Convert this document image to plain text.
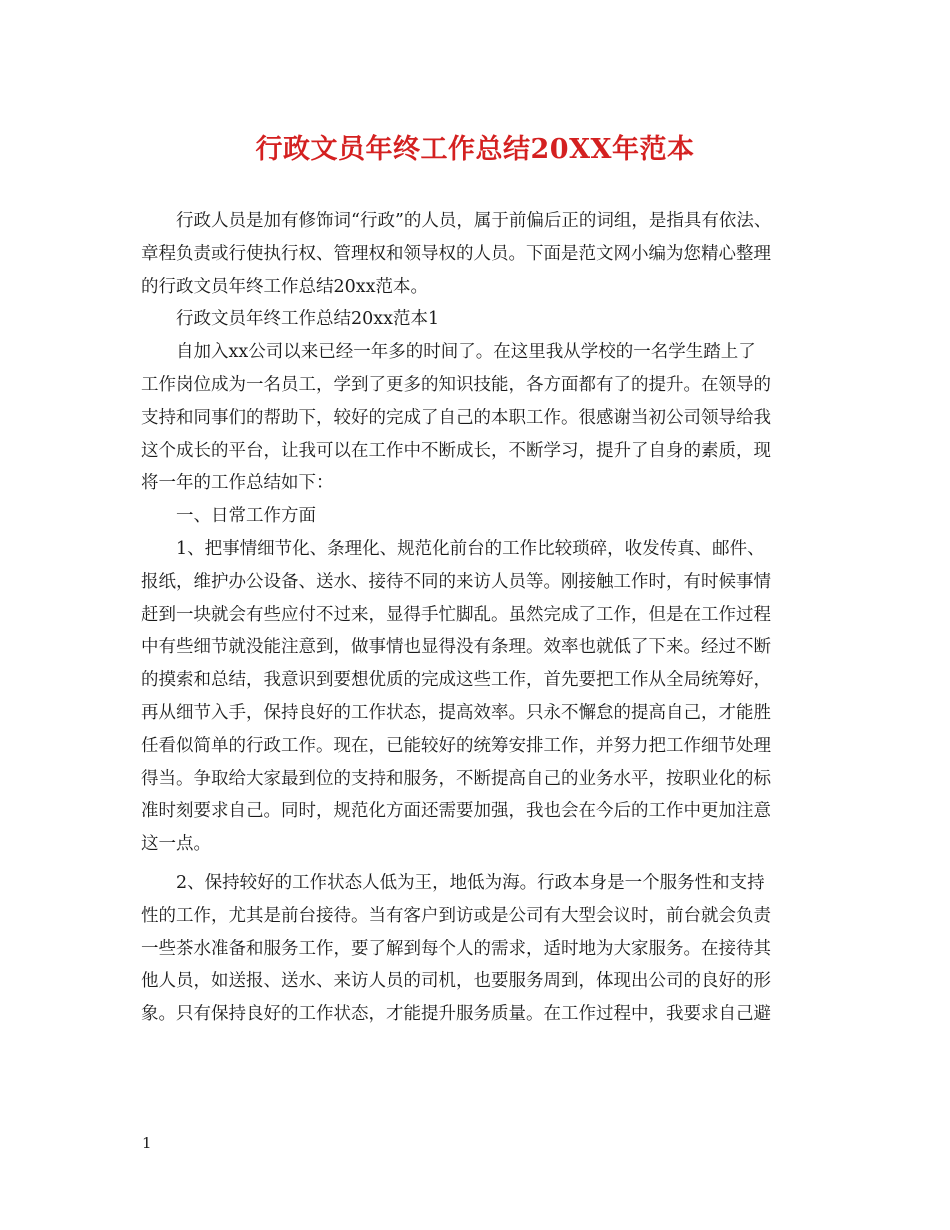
行政文员年终工作总结20XX年范本

行政人员是加有修饰词“行政”的人员，属于前偏后正的词组，是指具有依法、
章程负责或行使执行权、管理权和领导权的人员。下面是范文网小编为您精心整理
的行政文员年终工作总结20xx范本。

行政文员年终工作总结20xx范本1

自加入xx公司以来已经一年多的时间了。在这里我从学校的一名学生踏上了
工作岗位成为一名员工，学到了更多的知识技能，各方面都有了的提升。在领导的
支持和同事们的帮助下，较好的完成了自己的本职工作。很感谢当初公司领导给我
这个成长的平台，让我可以在工作中不断成长，不断学习，提升了自身的素质，现
将一年的工作总结如下：

一、日常工作方面

1、把事情细节化、条理化、规范化前台的工作比较琐碎，收发传真、邮件、
报纸，维护办公设备、送水、接待不同的来访人员等。刚接触工作时，有时候事情
赶到一块就会有些应付不过来，显得手忙脚乱。虽然完成了工作，但是在工作过程
中有些细节就没能注意到，做事情也显得没有条理。效率也就低了下来。经过不断
的摸索和总结，我意识到要想优质的完成这些工作，首先要把工作从全局统筹好，
再从细节入手，保持良好的工作状态，提高效率。只永不懈怠的提高自己，才能胜
任看似简单的行政工作。现在，已能较好的统筹安排工作，并努力把工作细节处理
得当。争取给大家最到位的支持和服务，不断提高自己的业务水平，按职业化的标
准时刻要求自己。同时，规范化方面还需要加强，我也会在今后的工作中更加注意
这一点。

2、保持较好的工作状态人低为王，地低为海。行政本身是一个服务性和支持
性的工作，尤其是前台接待。当有客户到访或是公司有大型会议时，前台就会负责
一些茶水准备和服务工作，要了解到每个人的需求，适时地为大家服务。在接待其
他人员，如送报、送水、来访人员的司机，也要服务周到，体现出公司的良好的形
象。只有保持良好的工作状态，才能提升服务质量。在工作过程中，我要求自己避

1
